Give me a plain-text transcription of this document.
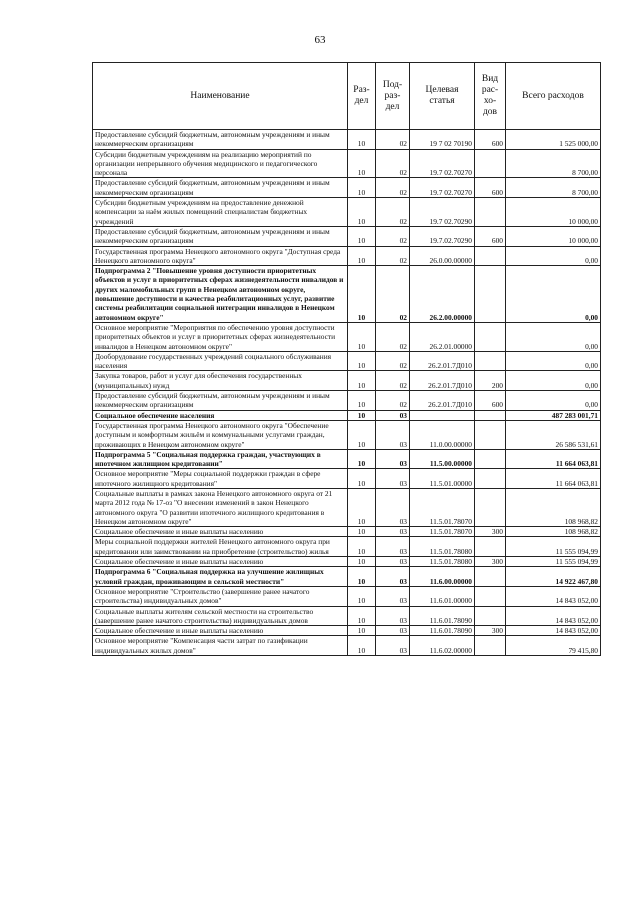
63
Наименование	Раз- дел	Под- раз- дел	Целевая статья	Вид рас- хо- дов	Всего расходов
Предоставление субсидий бюджетным, автономным учреждениям и иным некоммерческим организациям	10	02	19 7 02 70190	600	1 525 000,00
Субсидии бюджетным учреждениям на реализацию мероприятий по организации непрерывного обучения медицинского и педагогического персонала	10	02	19.7 02.70270		8 700,00
Предоставление субсидий бюджетным, автономным учреждениям и иным некоммерческим организациям	10	02	19.7 02.70270	600	8 700,00
Субсидии бюджетным учреждениям на предоставление денежной компенсации за наём жилых помещений специалистам бюджетных учреждений	10	02	19.7 02.70290		10 000,00
Предоставление субсидий бюджетным, автономным учреждениям и иным некоммерческим организациям	10	02	19.7.02.70290	600	10 000,00
Государственная программа Ненецкого автономного округа "Доступная среда Ненецкого автономного округа"	10	02	26.0.00.00000		0,00
Подпрограмма 2 "Повышение уровня доступности приоритетных объектов и услуг в приоритетных сферах жизнедеятельности инвалидов и других маломобильных групп в Ненецком автономном округе, повышение доступности и качества реабилитационных услуг, развитие системы реабилитации социальной интеграции инвалидов в Ненецком автономном округе"	10	02	26.2.00.00000		0,00
Основное мероприятие "Мероприятия по обеспечению уровня доступности приоритетных объектов и услуг в приоритетных сферах жизнедеятельности инвалидов в Ненецком автономном округе"	10	02	26.2.01.00000		0,00
Дооборудование государственных учреждений социального обслуживания населения	10	02	26.2.01.7Д010		0,00
Закупка товаров, работ и услуг для обеспечения государственных (муниципальных) нужд	10	02	26.2.01.7Д010	200	0,00
Предоставление субсидий бюджетным, автономным учреждениям и иным некоммерческим организациям	10	02	26.2.01.7Д010	600	0,00
Социальное обеспечение населения	10	03			487 283 001,71
Государственная программа Ненецкого автономного округа "Обеспечение доступным и комфортным жильём и коммунальными услугами граждан, проживающих в Ненецком автономном округе"	10	03	11.0.00.00000		26 586 531,61
Подпрограмма 5 "Социальная поддержка граждан, участвующих в ипотечном жилищном кредитовании"	10	03	11.5.00.00000		11 664 063,81
Основное мероприятие "Меры социальной поддержки граждан в сфере ипотечного жилищного кредитования"	10	03	11.5.01.00000		11 664 063,81
Социальные выплаты в рамках закона Ненецкого автономного округа от 21 марта 2012 года № 17-оз "О внесении изменений в закон Ненецкого автономного округа "О развитии ипотечного жилищного кредитования в Ненецком автономном округе"	10	03	11.5.01.78070		108 968,82
Социальное обеспечение и иные выплаты населению	10	03	11.5.01.78070	300	108 968,82
Меры социальной поддержки жителей Ненецкого автономного округа при кредитовании или заимствовании на приобретение (строительство) жилья	10	03	11.5.01.78080		11 555 094,99
Социальное обеспечение и иные выплаты населению	10	03	11.5.01.78080	300	11 555 094,99
Подпрограмма 6 "Социальная поддержка на улучшение жилищных условий граждан, проживающим в сельской местности"	10	03	11.6.00.00000		14 922 467,80
Основное мероприятие "Строительство (завершение ранее начатого строительства) индивидуальных домов"	10	03	11.6.01.00000		14 843 052,00
Социальные выплаты жителям сельской местности на строительство (завершение ранее начатого строительства) индивидуальных домов	10	03	11.6.01.78090		14 843 052,00
Социальное обеспечение и иные выплаты населению	10	03	11.6.01.78090	300	14 843 052,00
Основное мероприятие "Компенсация части затрат по газификации индивидуальных жилых домов"	10	03	11.6.02.00000		79 415,80
